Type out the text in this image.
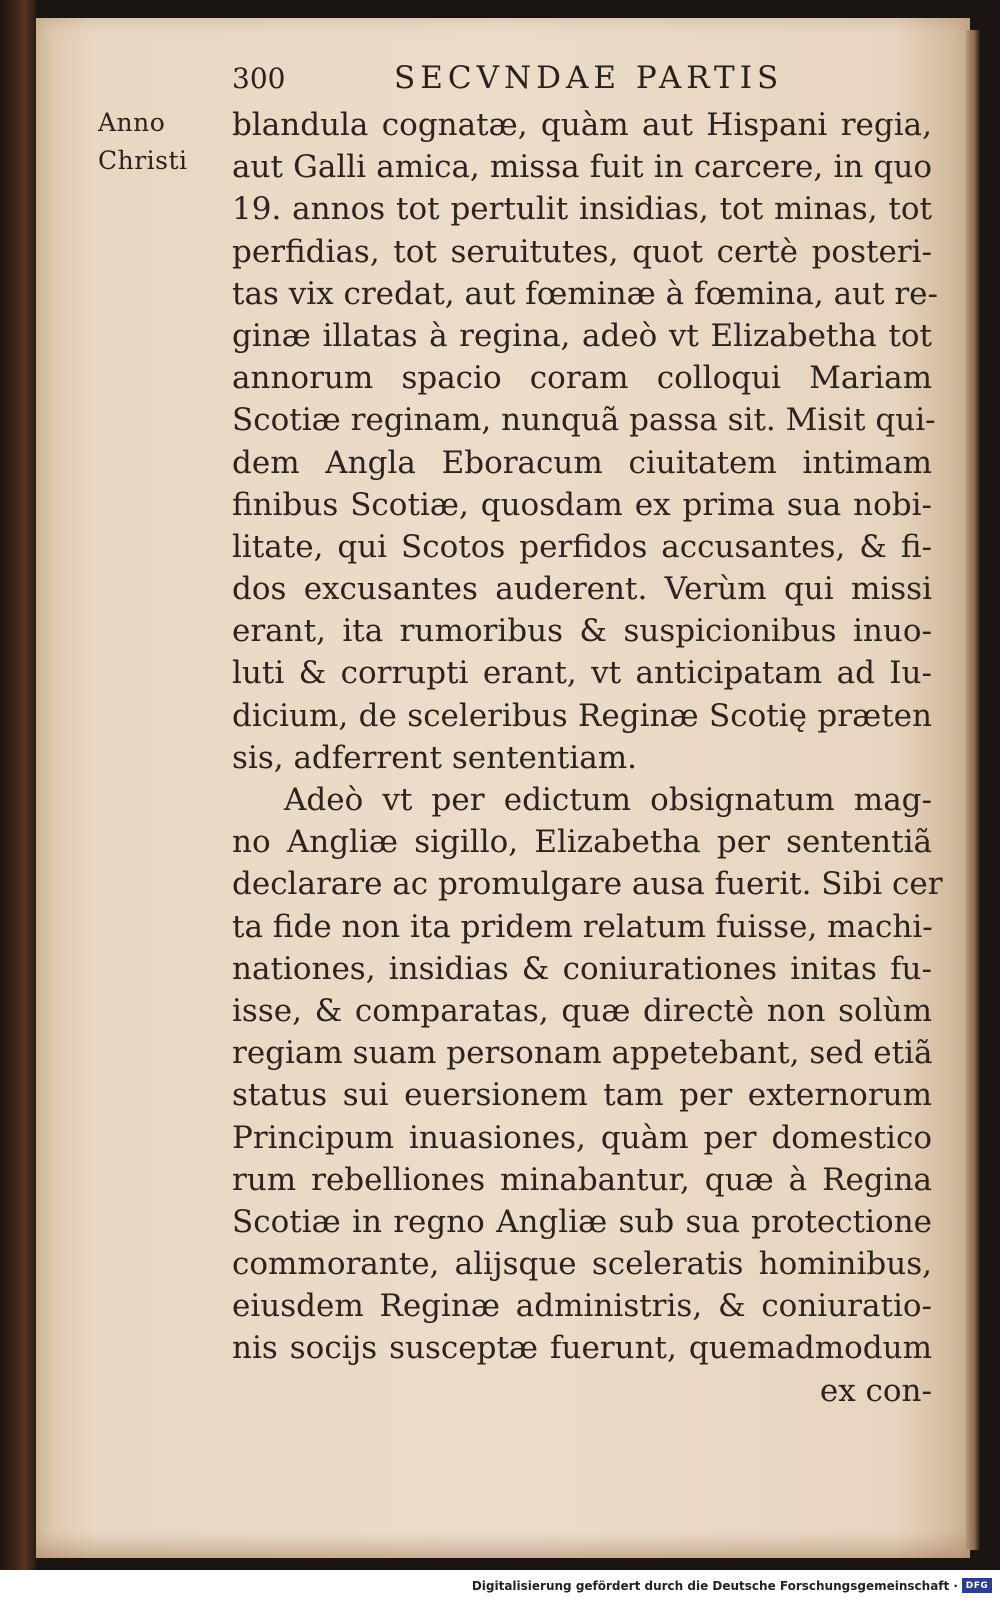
300	SECVNDAE PARTIS
Anno
Christi
blandula cognatæ, quàm aut Hispani regia,
aut Galli amica, missa fuit in carcere, in quo
19. annos tot pertulit insidias, tot minas, tot
perfidias, tot seruitutes, quot certè posteri-
tas vix credat, aut fœminæ à fœmina, aut re-
ginæ illatas à regina, adeò vt Elizabetha tot
annorum spacio coram colloqui Mariam
Scotiæ reginam, nunquã passa sit. Misit qui-
dem Angla Eboracum ciuitatem intimam
finibus Scotiæ, quosdam ex prima sua nobi-
litate, qui Scotos perfidos accusantes, & fi-
dos excusantes auderent. Verùm qui missi
erant, ita rumoribus & suspicionibus inuo-
luti & corrupti erant, vt anticipatam ad Iu-
dicium, de sceleribus Reginæ Scotię præten
sis, adferrent sententiam.
Adeò vt per edictum obsignatum mag-
no Angliæ sigillo, Elizabetha per sententiã
declarare ac promulgare ausa fuerit. Sibi cer
ta fide non ita pridem relatum fuisse, machi-
nationes, insidias & coniurationes initas fu-
isse, & comparatas, quæ directè non solùm
regiam suam personam appetebant, sed etiã
status sui euersionem tam per externorum
Principum inuasiones, quàm per domestico
rum rebelliones minabantur, quæ à Regina
Scotiæ in regno Angliæ sub sua protectione
commorante, alijsque sceleratis hominibus,
eiusdem Reginæ administris, & coniuratio-
nis socijs susceptæ fuerunt, quemadmodum
ex con-
Digitalisierung gefördert durch die Deutsche Forschungsgemeinschaft · DFG
